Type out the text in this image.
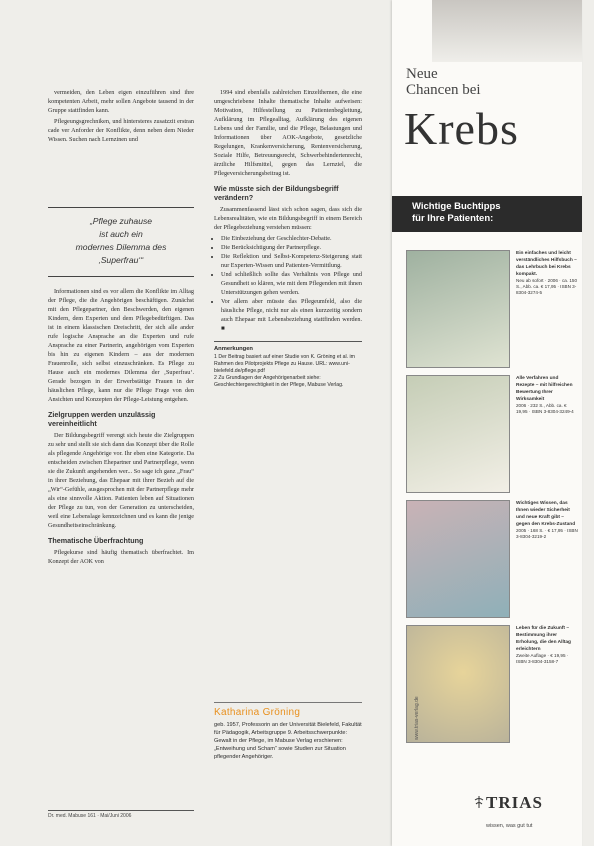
vermeiden, den Leben eigen einzufiihren sind ihre kompetenten Arbeit, mehr sollen Angebote tausend in der Gruppe stattfinden kann.

Pflegeungsgrechniken, und hintersteres zusatzzit erstran cade ver Anforder der Konflikte, denn neben dem Nieder Wissen. Suchen nach Lernzinen und

„Pflege zuhause
ist auch ein
modernes Dilemma des
‚Superfrau‘“

Informationen sind es vor allem die Konflikte im Alltag der Pflege, die die Angehörigen beschäftigen. Zunächst mit den Pflegepartner, den Beschwerden, den eigenen Kindern, dem Experten und dem Pflegebedürftigen. Das ist in einem klassischen Dreischritt, der sich alle ander rufe logische Ansprache an die Experten und rufe Ansprache zu einer Partnerin, angehörigen vom Experten bis hin zu eigenen Kindern – aus der modernen Frauenrolle, sich selbst einzuschränken. Es Pflege zu Hause auch ein modernes Dilemma der ‚Superfrau‘. Gerade bezogen in der Erwerbstätige Frauen in der häuslichen Pflege, kann nur die Pflege Frage von den Ansichten und Konzepten der Pflege-Leistung entgehen.

Zielgruppen werden unzulässig vereinheitlicht

Der Bildungsbegriff verengt sich heute die Zielgruppen zu sehr und stellt sie sich dann das Konzept über die Rolle als pflegende Angehörige vor. Ihr eben eine Kategorie. Da entscheiden zwischen Ehepartner und Partnerpflege, wenn sie die Zukunft angehenden wer... So sage ich ganz „Frau“ in ihrer Beziehung, das Ehepaar mit ihrer Bezieh auf die „Wir“-Gefühle, ausgesprochen mit der Partnerpflege mehr als eine sinnvolle Aktion. Patienten leben auf Situationen der Pflege zu tun, von der Generation zu unterscheiden, weil eine Lebenslage kennzeichnen und es kann die jenige Gesundheitseinschränkung.

Thematische Überfrachtung

Pflegekurse sind häufig thematisch überfrachtet. Im Konzept der AOK von

1994 sind ebenfalls zahlreichen Einzelthemen, die eine umgeschriebene Inhalte thematische Inhalte aufweisen: Motivation, Hilfestellung zu Patientenbegleitung, Aufklärung im Pflegealltag, Aufklärung des eigenen Lebens und der Familie, und die Pflege, Belastungen und Informationen über AOK-Angebote, gesetzliche Regelungen, Krankenversicherung, Rentenversicherung, Soziale Hilfe, Betreuungsrecht, Schwerbehindertenrecht, ärztliche Hilfsmittel, gegen das Lernziel, die Pflegeversicherungsbeitrag ist.

Wie müsste sich der Bildungsbegriff verändern?

Zusammenfassend lässt sich schon sagen, dass sich die Lebensrealitäten, wie ein Bildungsbegriff in einem Bereich der Pflegebeziehung verstehen müssen:

• Die Einbeziehung der Geschlechter-Debatte.
• Die Berücksichtigung der Partnerpflege.
• Die Reflektion und Selbst-Kompetenz-Steigerung statt nur Experten-Wissen und Patienten-Vermittlung.
• Und schließlich sollte das Verhältnis von Pflege und Gesundheit so klären, wie mit dem Pflegenden mit ihnen Unterstützungen gehen werden.
• Vor allem aber müsste das Pflegeumfeld, also die häusliche Pflege, nicht nur als einen kurzzeitig sondern auch Ehepaar mit Lebensbeziehung stattfinden werden. ■
Anmerkungen
1 Der Beitrag basiert auf einer Studie von K. Gröning et al. im Rahmen des Pilotprojekts Pflege zu Hause. URL: www.uni-bielefeld.de/pflege.pdf
2 Zu Grundlagen der Angehörigenarbeit siehe: Geschlechtergerechtigkeit in der Pflege, Mabuse Verlag.
Katharina Gröning
geb. 1957, Professorin an der Universität Bielefeld, Fakultät für Pädagogik, Arbeitsgruppe 9. Arbeitsschwerpunkte: Gewalt in der Pflege, im Mabuse Verlag erschienen: „Entweihung und Scham“ sowie Studien zur Situation pflegender Angehöriger.
Dr. med. Mabuse 161 · Mai/Juni 2006
Neue
Chancen bei
Krebs
Wichtige Buchtipps
für Ihre Patienten:
Ein einfaches und leicht verständliches Hilfsbuch – das Lehrbuch bei Krebs kompakt.
Neu ab sofort · 2006 · ca. 150 S., Abb. ca. € 17,95 · ISBN 3-8304-3274-5
Alle Verfahren und Rezepte – mit hilfreichen Bewertung Ihrer Wirksamkeit
2006 · 232 S., Abb. ca. € 19,95 · ISBN 3-8304-3249-4
Wichtiges Wissen, das Ihnen wieder Sicherheit und neue Kraft gibt – gegen den Krebs-Zustand
2005 · 168 S. · € 17,95 · ISBN 3-8304-3219-2
Leben für die Zukunft – Bestimmung ihrer Erholung, die den Alltag erleichtern
Zweite Auflage · € 19,95 · ISBN 3-8304-3158-7
www.trias-verlag.de
TRIAS
wissen, was gut tut
